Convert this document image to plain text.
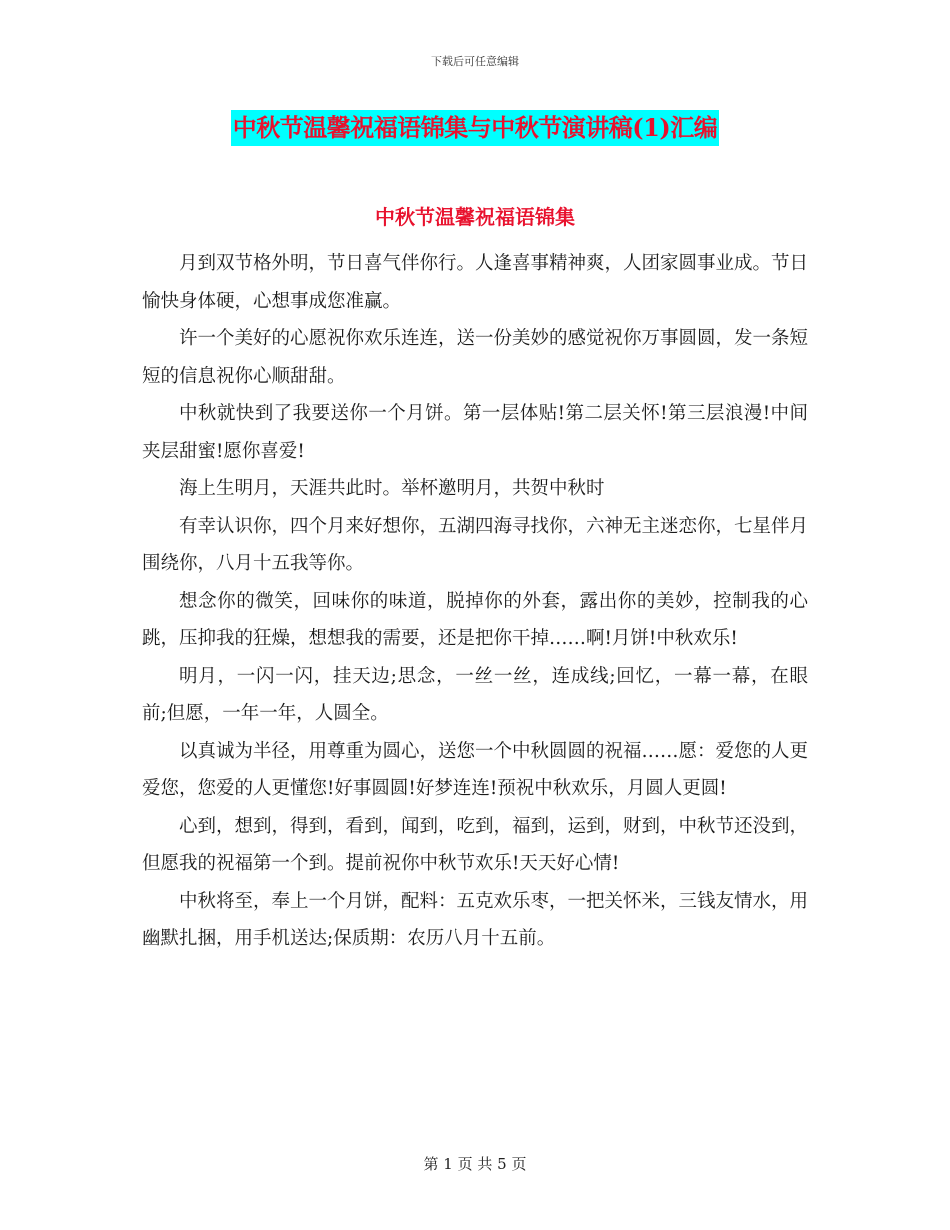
下载后可任意编辑
中秋节温馨祝福语锦集与中秋节演讲稿(1)汇编
中秋节温馨祝福语锦集

月到双节格外明，节日喜气伴你行。人逢喜事精神爽，人团家圆事业成。节日愉快身体硬，心想事成您准赢。

许一个美好的心愿祝你欢乐连连，送一份美妙的感觉祝你万事圆圆，发一条短短的信息祝你心顺甜甜。

中秋就快到了我要送你一个月饼。第一层体贴!第二层关怀!第三层浪漫!中间夹层甜蜜!愿你喜爱!

海上生明月，天涯共此时。举杯邀明月，共贺中秋时

有幸认识你，四个月来好想你，五湖四海寻找你，六神无主迷恋你，七星伴月围绕你，八月十五我等你。

想念你的微笑，回味你的味道，脱掉你的外套，露出你的美妙，控制我的心跳，压抑我的狂燥，想想我的需要，还是把你干掉……啊!月饼!中秋欢乐!

明月，一闪一闪，挂天边;思念，一丝一丝，连成线;回忆，一幕一幕，在眼前;但愿，一年一年，人圆全。

以真诚为半径，用尊重为圆心，送您一个中秋圆圆的祝福……愿：爱您的人更爱您，您爱的人更懂您!好事圆圆!好梦连连!预祝中秋欢乐，月圆人更圆!

心到，想到，得到，看到，闻到，吃到，福到，运到，财到，中秋节还没到，但愿我的祝福第一个到。提前祝你中秋节欢乐!天天好心情!

中秋将至，奉上一个月饼，配料：五克欢乐枣，一把关怀米，三钱友情水，用幽默扎捆，用手机送达;保质期：农历八月十五前。

第 1 页 共 5 页
